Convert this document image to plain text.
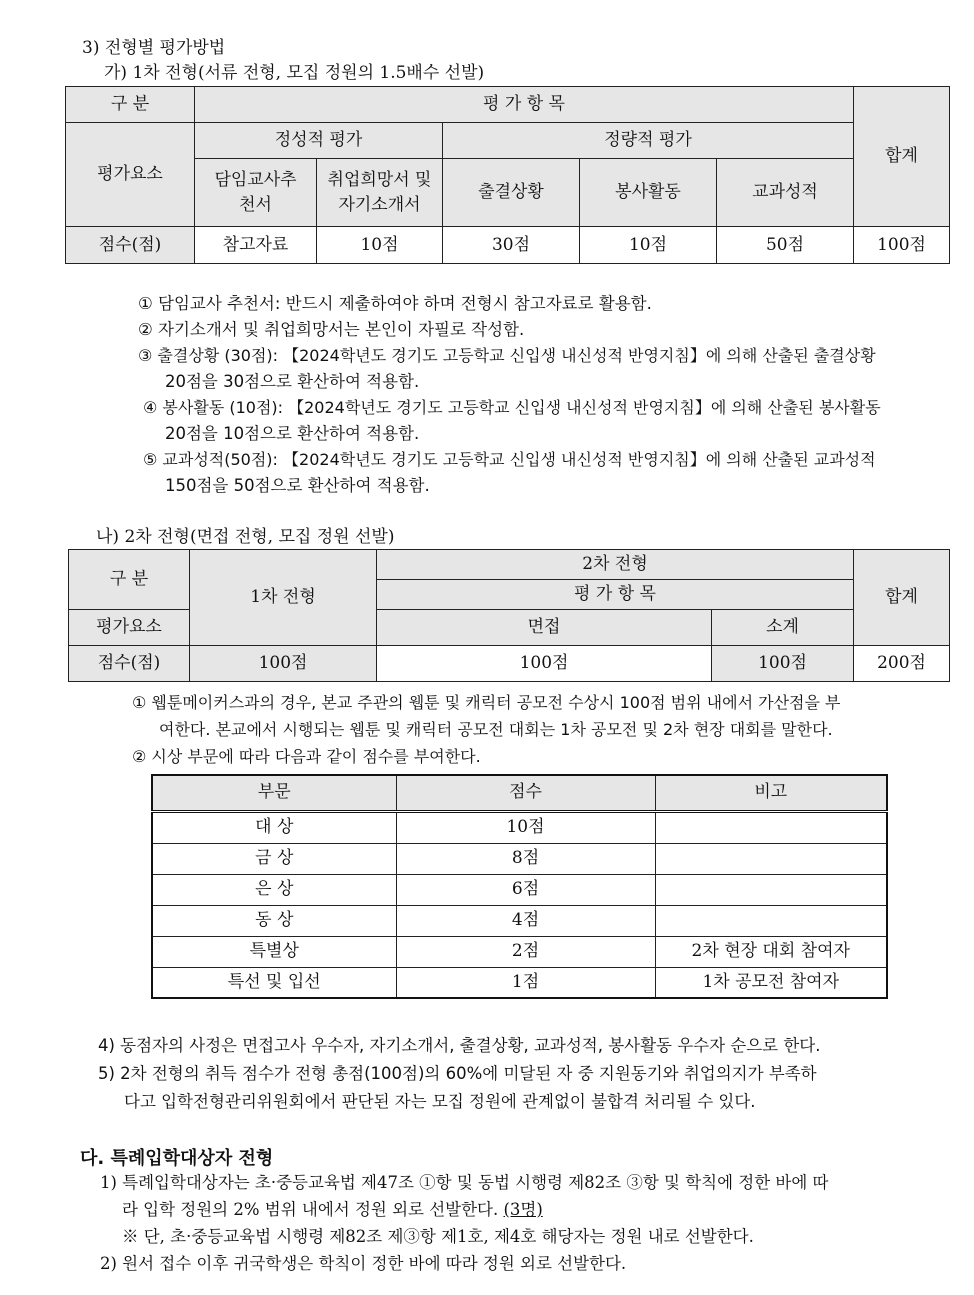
3) 전형별 평가방법
가) 1차 전형(서류 전형, 모집 정원의 1.5배수 선발)
구 분	평 가 항 목					합계
평가요소	정성적 평가		정량적 평가			
	담임교사추천서	취업희망서 및 자기소개서	출결상황	봉사활동	교과성적	
점수(점)	참고자료	10점	30점	10점	50점	100점
① 담임교사 추천서: 반드시 제출하여야 하며 전형시 참고자료로 활용함.
② 자기소개서 및 취업희망서는 본인이 자필로 작성함.
③ 출결상황 (30점): 【2024학년도 경기도 고등학교 신입생 내신성적 반영지침】에 의해 산출된 출결상황
20점을 30점으로 환산하여 적용함.
④ 봉사활동 (10점): 【2024학년도 경기도 고등학교 신입생 내신성적 반영지침】에 의해 산출된 봉사활동
20점을 10점으로 환산하여 적용함.
⑤ 교과성적(50점): 【2024학년도 경기도 고등학교 신입생 내신성적 반영지침】에 의해 산출된 교과성적
150점을 50점으로 환산하여 적용함.
나) 2차 전형(면접 전형, 모집 정원 선발)
구 분	1차 전형	2차 전형		합계
		평 가 항 목		
평가요소		면접	소계	
점수(점)	100점	100점	100점	200점
① 웹툰메이커스과의 경우, 본교 주관의 웹툰 및 캐릭터 공모전 수상시 100점 범위 내에서 가산점을 부
여한다. 본교에서 시행되는 웹툰 및 캐릭터 공모전 대회는 1차 공모전 및 2차 현장 대회를 말한다.
② 시상 부문에 따라 다음과 같이 점수를 부여한다.
부문	점수	비고
대 상	10점	
금 상	8점	
은 상	6점	
동 상	4점	
특별상	2점	2차 현장 대회 참여자
특선 및 입선	1점	1차 공모전 참여자
4) 동점자의 사정은 면접고사 우수자, 자기소개서, 출결상황, 교과성적, 봉사활동 우수자 순으로 한다.
5) 2차 전형의 취득 점수가 전형 총점(100점)의 60%에 미달된 자 중 지원동기와 취업의지가 부족하
다고 입학전형관리위원회에서 판단된 자는 모집 정원에 관계없이 불합격 처리될 수 있다.
다. 특례입학대상자 전형
1) 특례입학대상자는 초·중등교육법 제47조 ①항 및 동법 시행령 제82조 ③항 및 학칙에 정한 바에 따
라 입학 정원의 2% 범위 내에서 정원 외로 선발한다. (3명)
※ 단, 초·중등교육법 시행령 제82조 제③항 제1호, 제4호 해당자는 정원 내로 선발한다.
2) 원서 접수 이후 귀국학생은 학칙이 정한 바에 따라 정원 외로 선발한다.
